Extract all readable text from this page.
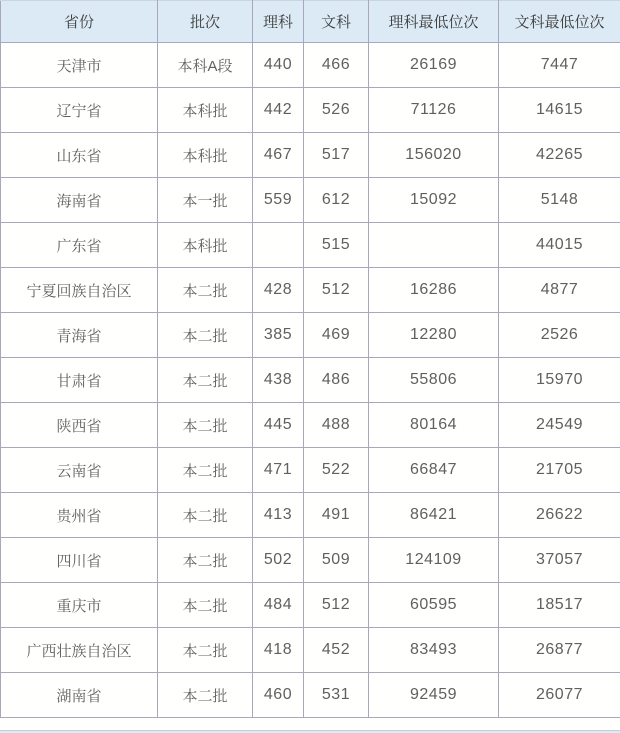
省份	批次	理科	文科	理科最低位次	文科最低位次
天津市	本科A段	440	466	26169	7447
辽宁省	本科批	442	526	71126	14615
山东省	本科批	467	517	156020	42265
海南省	本一批	559	612	15092	5148
广东省	本科批		515		44015
宁夏回族自治区	本二批	428	512	16286	4877
青海省	本二批	385	469	12280	2526
甘肃省	本二批	438	486	55806	15970
陕西省	本二批	445	488	80164	24549
云南省	本二批	471	522	66847	21705
贵州省	本二批	413	491	86421	26622
四川省	本二批	502	509	124109	37057
重庆市	本二批	484	512	60595	18517
广西壮族自治区	本二批	418	452	83493	26877
湖南省	本二批	460	531	92459	26077
